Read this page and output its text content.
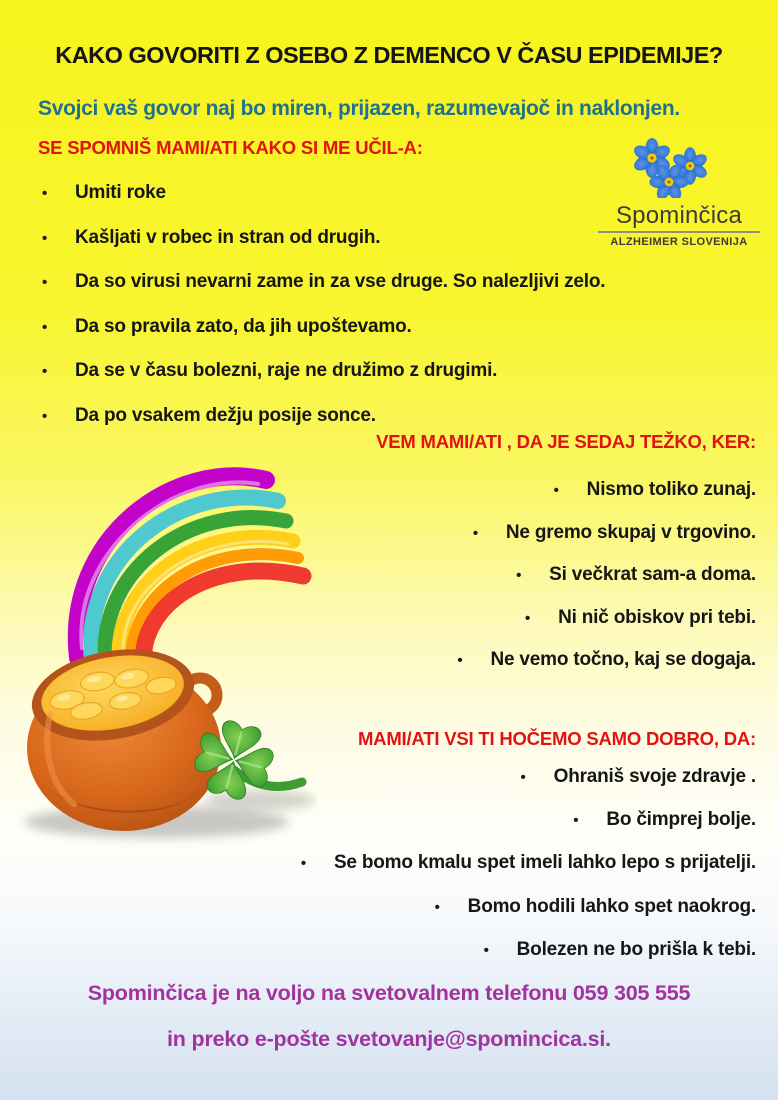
KAKO GOVORITI Z OSEBO Z DEMENCO V ČASU EPIDEMIJE?
Svojci vaš govor naj bo miren, prijazen, razumevajoč in naklonjen.
SE SPOMNIŠ MAMI/ATI KAKO SI ME UČIL-A:
Spominčica
ALZHEIMER SLOVENIJA
•	Umiti roke
•	Kašljati v robec in stran od drugih.
•	Da so virusi nevarni zame in za vse druge. So nalezljivi zelo.
•	Da so pravila zato, da jih upoštevamo.
•	Da se v času bolezni, raje ne družimo z drugimi.
•	Da po vsakem dežju posije sonce.
VEM MAMI/ATI , DA JE SEDAJ TEŽKO, KER:
• Nismo toliko zunaj.
• Ne gremo skupaj v trgovino.
• Si večkrat sam-a doma.
• Ni nič obiskov pri tebi.
• Ne vemo točno, kaj se dogaja.
MAMI/ATI VSI TI HOČEMO SAMO DOBRO, DA:
• Ohraniš svoje zdravje .
• Bo čimprej bolje.
• Se bomo kmalu spet imeli lahko lepo s prijatelji.
• Bomo hodili lahko spet naokrog.
• Bolezen ne bo prišla k tebi.
Spominčica je na voljo na svetovalnem telefonu 059 305 555
in preko e-pošte svetovanje@spomincica.si.
